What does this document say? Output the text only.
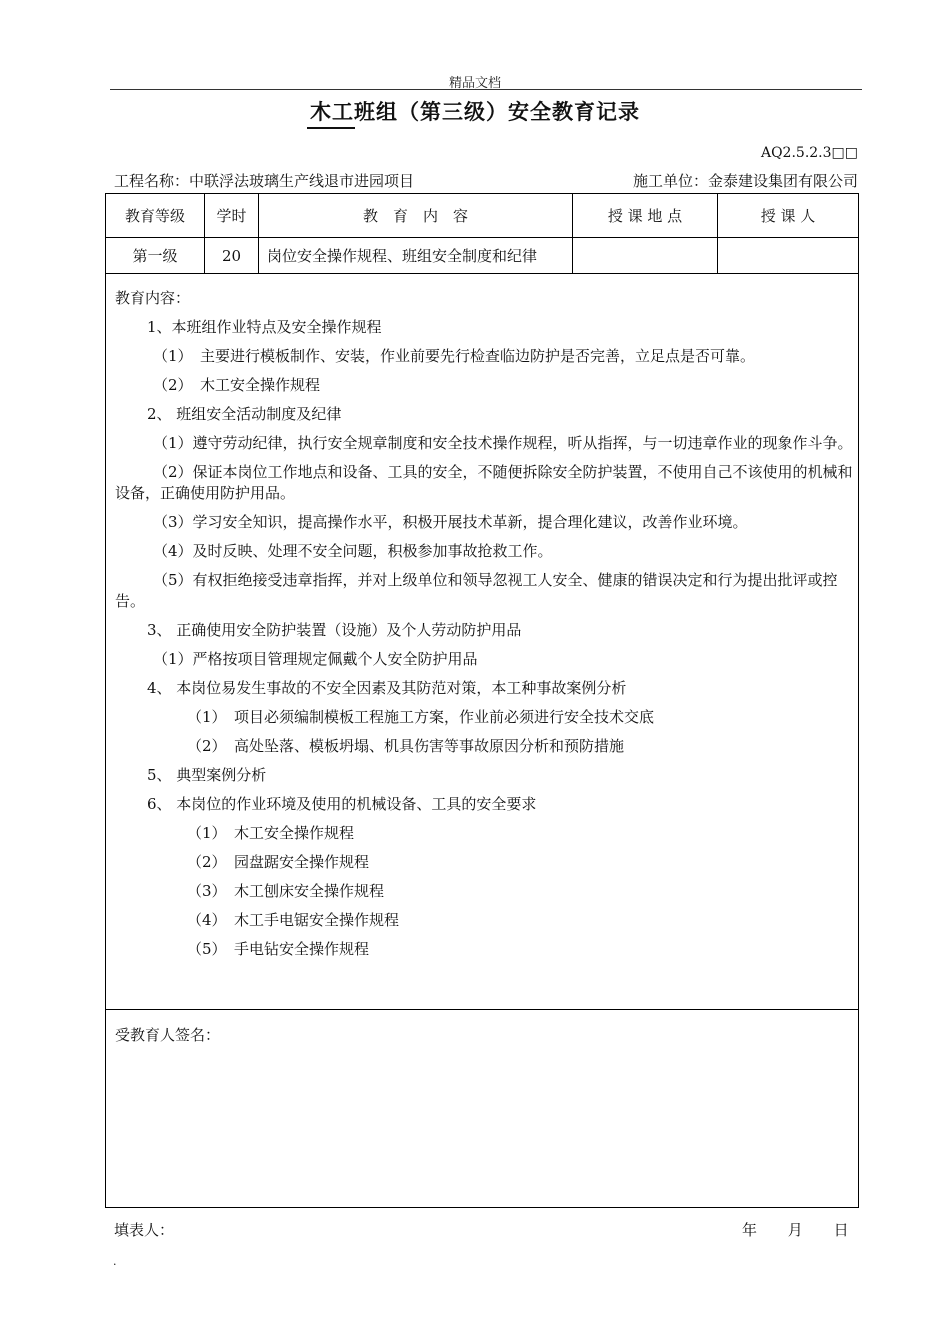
精品文档
木工班组（第三级）安全教育记录
AQ2.5.2.3□□
工程名称：中联浮法玻璃生产线退市进园项目	施工单位：金泰建设集团有限公司
教育等级	学时	教　育　内　容	授 课 地 点	授 课 人
第一级	20	岗位安全操作规程、班组安全制度和纪律		
教育内容：
1、本班组作业特点及安全操作规程
（1）　主要进行模板制作、安装，作业前要先行检查临边防护是否完善，立足点是否可靠。
（2）　木工安全操作规程
2、 班组安全活动制度及纪律
（1）遵守劳动纪律，执行安全规章制度和安全技术操作规程，听从指挥，与一切违章作业的现象作斗争。
（2）保证本岗位工作地点和设备、工具的安全，不随便拆除安全防护装置，不使用自己不该使用的机械和设备，正确使用防护用品。
（3）学习安全知识，提高操作水平，积极开展技术革新，提合理化建议，改善作业环境。
（4）及时反映、处理不安全问题，积极参加事故抢救工作。
（5）有权拒绝接受违章指挥，并对上级单位和领导忽视工人安全、健康的错误决定和行为提出批评或控告。
3、 正确使用安全防护装置（设施）及个人劳动防护用品
（1）严格按项目管理规定佩戴个人安全防护用品
4、 本岗位易发生事故的不安全因素及其防范对策，本工种事故案例分析
（1）　项目必须编制模板工程施工方案，作业前必须进行安全技术交底
（2）　高处坠落、模板坍塌、机具伤害等事故原因分析和预防措施
5、 典型案例分析
6、 本岗位的作业环境及使用的机械设备、工具的安全要求
（1）　木工安全操作规程
（2）　园盘踞安全操作规程
（3）　木工刨床安全操作规程
（4）　木工手电锯安全操作规程
（5）　手电钻安全操作规程
受教育人签名：
填表人：	年 月 日
.
